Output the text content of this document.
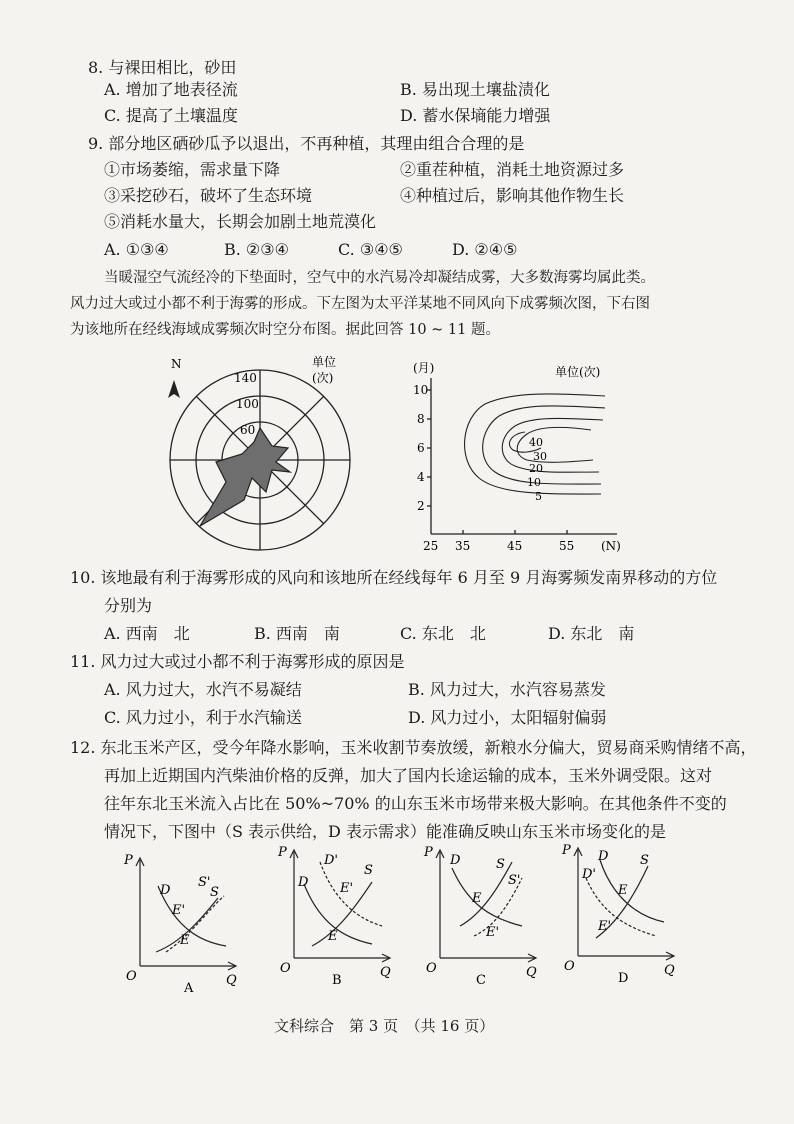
8. 与裸田相比，砂田
A. 增加了地表径流	B. 易出现土壤盐渍化
C. 提高了土壤温度	D. 蓄水保墒能力增强
9. 部分地区硒砂瓜予以退出，不再种植，其理由组合合理的是
①市场萎缩，需求量下降	②重茬种植，消耗土地资源过多
③采挖砂石，破坏了生态环境	④种植过后，影响其他作物生长
⑤消耗水量大，长期会加剧土地荒漠化
A. ①③④	B. ②③④	C. ③④⑤	D. ②④⑤
当暖湿空气流经冷的下垫面时，空气中的水汽易冷却凝结成雾，大多数海雾均属此类。
风力过大或过小都不利于海雾的形成。下左图为太平洋某地不同风向下成雾频次图，下右图
为该地所在经线海域成雾频次时空分布图。据此回答 10 ~ 11 题。
N	单位
(次)
140
100
60
(月)	单位(次)
10
8
6
4
2
25 35	45	55 (N)
40
30
20
10
5
10. 该地最有利于海雾形成的风向和该地所在经线每年 6 月至 9 月海雾频发南界移动的方位
分别为
A. 西南　北	B. 西南　南	C. 东北　北	D. 东北　南
11. 风力过大或过小都不利于海雾形成的原因是
A. 风力过大，水汽不易凝结	B. 风力过大，水汽容易蒸发
C. 风力过小，利于水汽输送	D. 风力过小，太阳辐射偏弱
12. 东北玉米产区，受今年降水影响，玉米收割节奏放缓，新粮水分偏大，贸易商采购情绪不高，
再加上近期国内汽柴油价格的反弹，加大了国内长途运输的成本，玉米外调受限。这对
往年东北玉米流入占比在 50%~70% 的山东玉米市场带来极大影响。在其他条件不变的
情况下，下图中（S 表示供给，D 表示需求）能准确反映山东玉米市场变化的是
P
O	Q
D
S'
S
E'
E
A
P
O	Q
D'
S
D E'
E
B
P
O	Q
D	S
S'
E
E'
C
P
O	Q
D'
D S
E
E'
D
文科综合　第 3 页　（共 16 页）
